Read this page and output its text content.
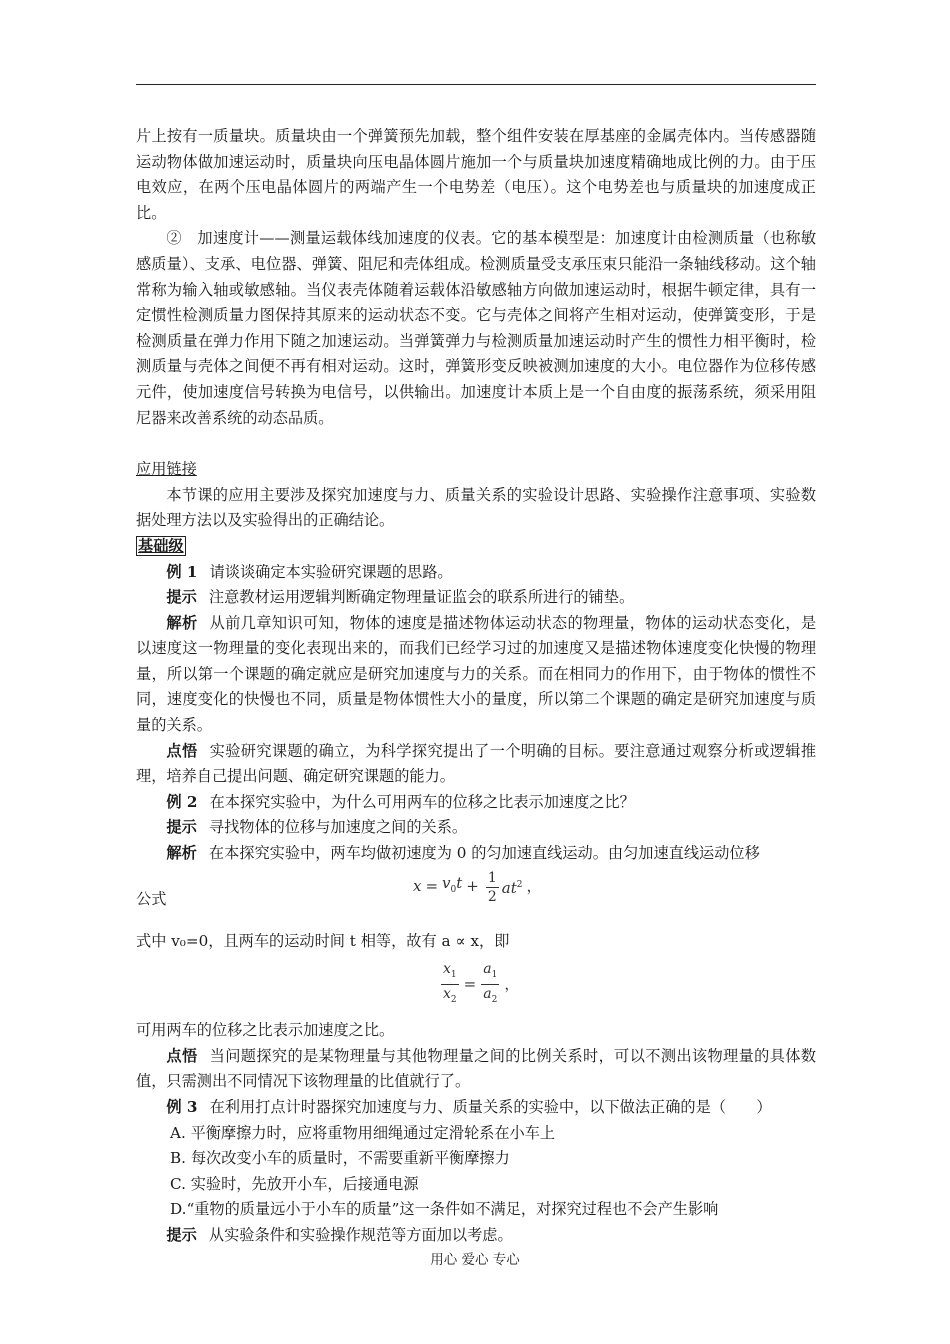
片上按有一质量块。质量块由一个弹簧预先加载，整个组件安装在厚基座的金属壳体内。当传感器随运动物体做加速运动时，质量块向压电晶体圆片施加一个与质量块加速度精确地成比例的力。由于压电效应，在两个压电晶体圆片的两端产生一个电势差（电压）。这个电势差也与质量块的加速度成正比。

②　加速度计——测量运载体线加速度的仪表。它的基本模型是：加速度计由检测质量（也称敏感质量）、支承、电位器、弹簧、阻尼和壳体组成。检测质量受支承压束只能沿一条轴线移动。这个轴常称为输入轴或敏感轴。当仪表壳体随着运载体沿敏感轴方向做加速运动时，根据牛顿定律，具有一定惯性检测质量力图保持其原来的运动状态不变。它与壳体之间将产生相对运动，使弹簧变形，于是检测质量在弹力作用下随之加速运动。当弹簧弹力与检测质量加速运动时产生的惯性力相平衡时，检测质量与壳体之间便不再有相对运动。这时，弹簧形变反映被测加速度的大小。电位器作为位移传感元件，使加速度信号转换为电信号，以供输出。加速度计本质上是一个自由度的振荡系统，须采用阻尼器来改善系统的动态品质。

应用链接

本节课的应用主要涉及探究加速度与力、质量关系的实验设计思路、实验操作注意事项、实验数据处理方法以及实验得出的正确结论。

基础级

例 1 请谈谈确定本实验研究课题的思路。

提示 注意教材运用逻辑判断确定物理量证监会的联系所进行的铺垫。

解析 从前几章知识可知，物体的速度是描述物体运动状态的物理量，物体的运动状态变化，是以速度这一物理量的变化表现出来的，而我们已经学习过的加速度又是描述物体速度变化快慢的物理量，所以第一个课题的确定就应是研究加速度与力的关系。而在相同力的作用下，由于物体的惯性不同，速度变化的快慢也不同，质量是物体惯性大小的量度，所以第二个课题的确定是研究加速度与质量的关系。

点悟 实验研究课题的确立，为科学探究提出了一个明确的目标。要注意通过观察分析或逻辑推理，培养自己提出问题、确定研究课题的能力。

例 2 在本探究实验中，为什么可用两车的位移之比表示加速度之比？

提示 寻找物体的位移与加速度之间的关系。

解析 在本探究实验中，两车均做初速度为 0 的匀加速直线运动。由匀加速直线运动位移

公式
$x = v_0t + \frac{1}{2} at^2$ ，

式中 v₀=0，且两车的运动时间 t 相等，故有 a ∝ x，即

$\frac{x_1}{x_2} = \frac{a_1}{a_2}$ ，

可用两车的位移之比表示加速度之比。

点悟 当问题探究的是某物理量与其他物理量之间的比例关系时，可以不测出该物理量的具体数值，只需测出不同情况下该物理量的比值就行了。

例 3 在利用打点计时器探究加速度与力、质量关系的实验中，以下做法正确的是（　　）

A. 平衡摩擦力时，应将重物用细绳通过定滑轮系在小车上

B. 每次改变小车的质量时，不需要重新平衡摩擦力

C. 实验时，先放开小车，后接通电源

D.“重物的质量远小于小车的质量”这一条件如不满足，对探究过程也不会产生影响

提示 从实验条件和实验操作规范等方面加以考虑。

用心 爱心 专心
